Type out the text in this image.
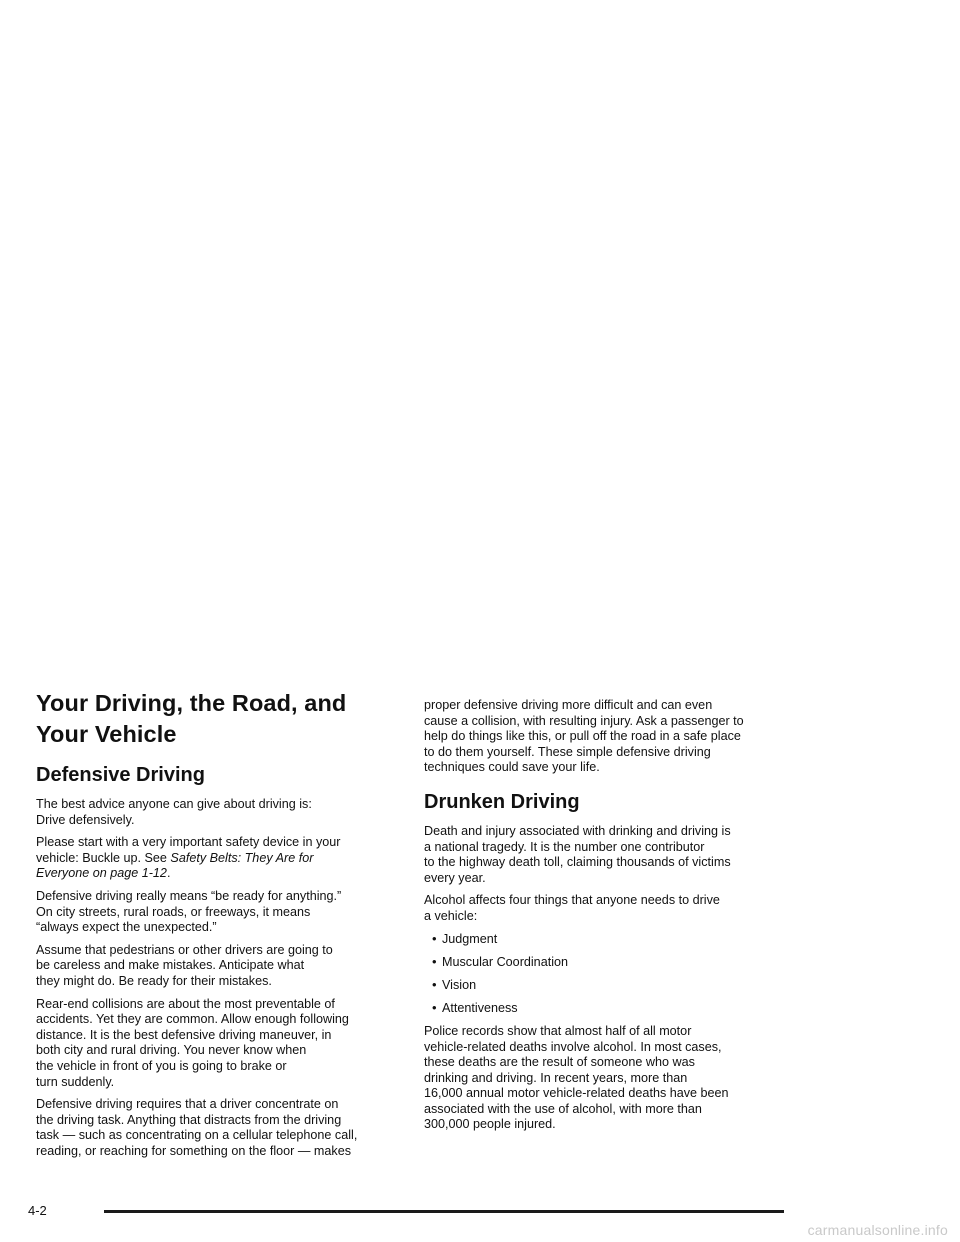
Your Driving, the Road, and
Your Vehicle
Defensive Driving

The best advice anyone can give about driving is:
Drive defensively.

Please start with a very important safety device in your
vehicle: Buckle up. See Safety Belts: They Are for
Everyone on page 1-12.

Defensive driving really means “be ready for anything.”
On city streets, rural roads, or freeways, it means
“always expect the unexpected.”

Assume that pedestrians or other drivers are going to
be careless and make mistakes. Anticipate what
they might do. Be ready for their mistakes.

Rear-end collisions are about the most preventable of
accidents. Yet they are common. Allow enough following
distance. It is the best defensive driving maneuver, in
both city and rural driving. You never know when
the vehicle in front of you is going to brake or
turn suddenly.

Defensive driving requires that a driver concentrate on
the driving task. Anything that distracts from the driving
task — such as concentrating on a cellular telephone call,
reading, or reaching for something on the floor — makes

proper defensive driving more difficult and can even
cause a collision, with resulting injury. Ask a passenger to
help do things like this, or pull off the road in a safe place
to do them yourself. These simple defensive driving
techniques could save your life.

Drunken Driving

Death and injury associated with drinking and driving is
a national tragedy. It is the number one contributor
to the highway death toll, claiming thousands of victims
every year.

Alcohol affects four things that anyone needs to drive
a vehicle:

• Judgment
• Muscular Coordination
• Vision
• Attentiveness

Police records show that almost half of all motor
vehicle-related deaths involve alcohol. In most cases,
these deaths are the result of someone who was
drinking and driving. In recent years, more than
16,000 annual motor vehicle-related deaths have been
associated with the use of alcohol, with more than
300,000 people injured.

4-2
carmanualsonline.info
